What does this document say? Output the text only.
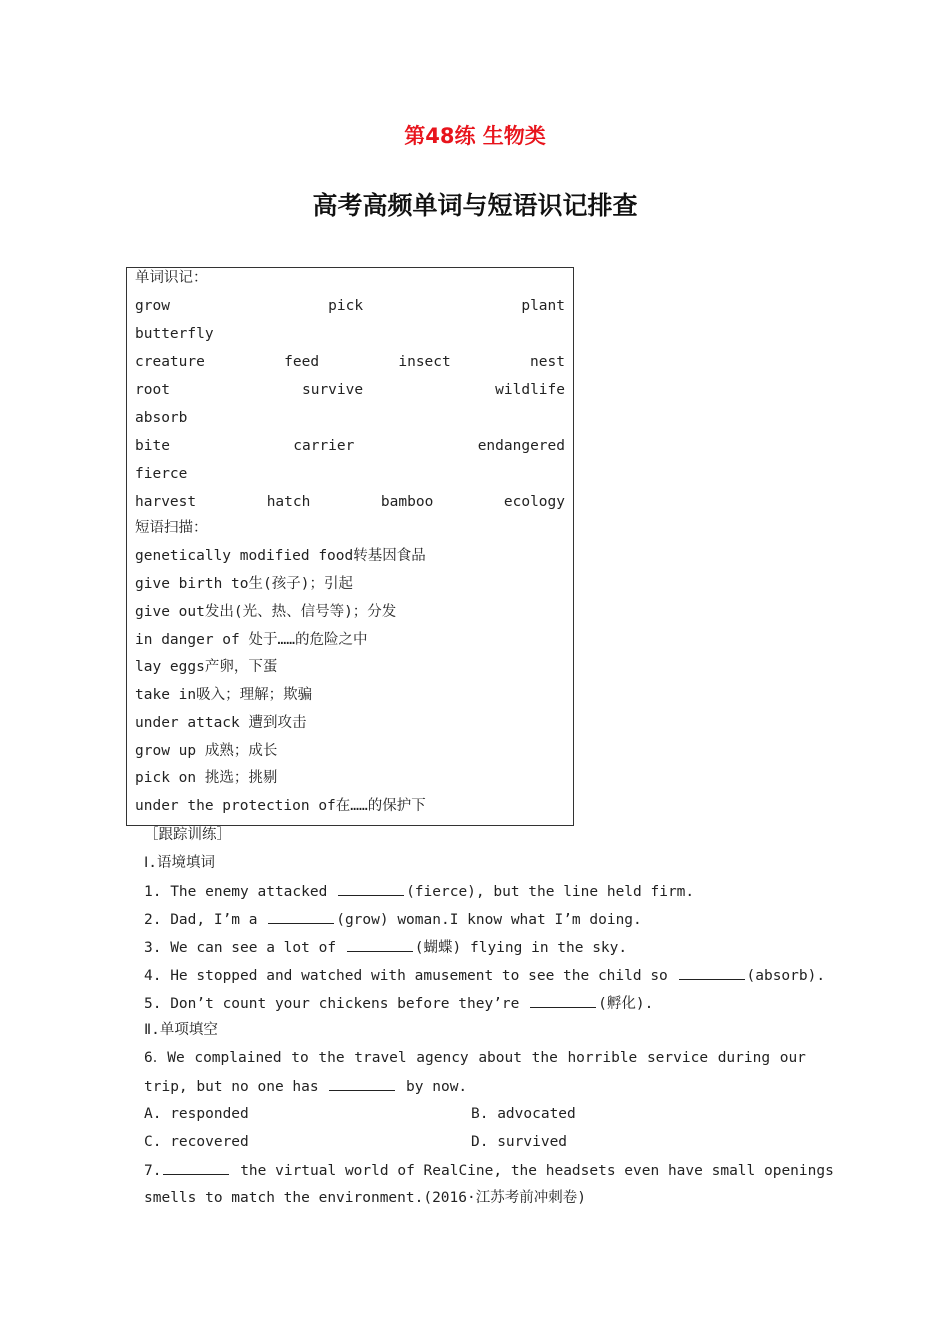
第48练 生物类
高考高频单词与短语识记排查
单词识记：
grow	pick	plant
butterfly
creature	feed	insect	nest
root	survive	wildlife
absorb
bite	carrier	endangered
fierce
harvest	hatch	bamboo	ecology
短语扫描：
genetically modified food转基因食品
give birth to生(孩子)；引起
give out发出(光、热、信号等)；分发
in danger of 处于……的危险之中
lay eggs产卵，下蛋
take in吸入；理解；欺骗
under attack 遭到攻击
grow up 成熟；成长
pick on 挑选；挑剔
under the protection of在……的保护下
［跟踪训练］
Ⅰ.语境填词
1. The enemy attacked	(fierce), but the line held firm.
2. Dad, I’m a	(grow) woman.I know what I’m doing.
3. We can see a lot of	(蝴蝶) flying in the sky.
4. He stopped and watched with amusement to see the child so	(absorb).
5. Don’t count your chickens before they’re	(孵化).
Ⅱ.单项填空
6．We complained to the travel agency about the horrible service during our
trip, but no one has	by now.
A. responded	B. advocated
C. recovered	D. survived
7.	the virtual world of RealCine, the headsets even have small openings
smells to match the environment.(2016·江苏考前冲刺卷)
